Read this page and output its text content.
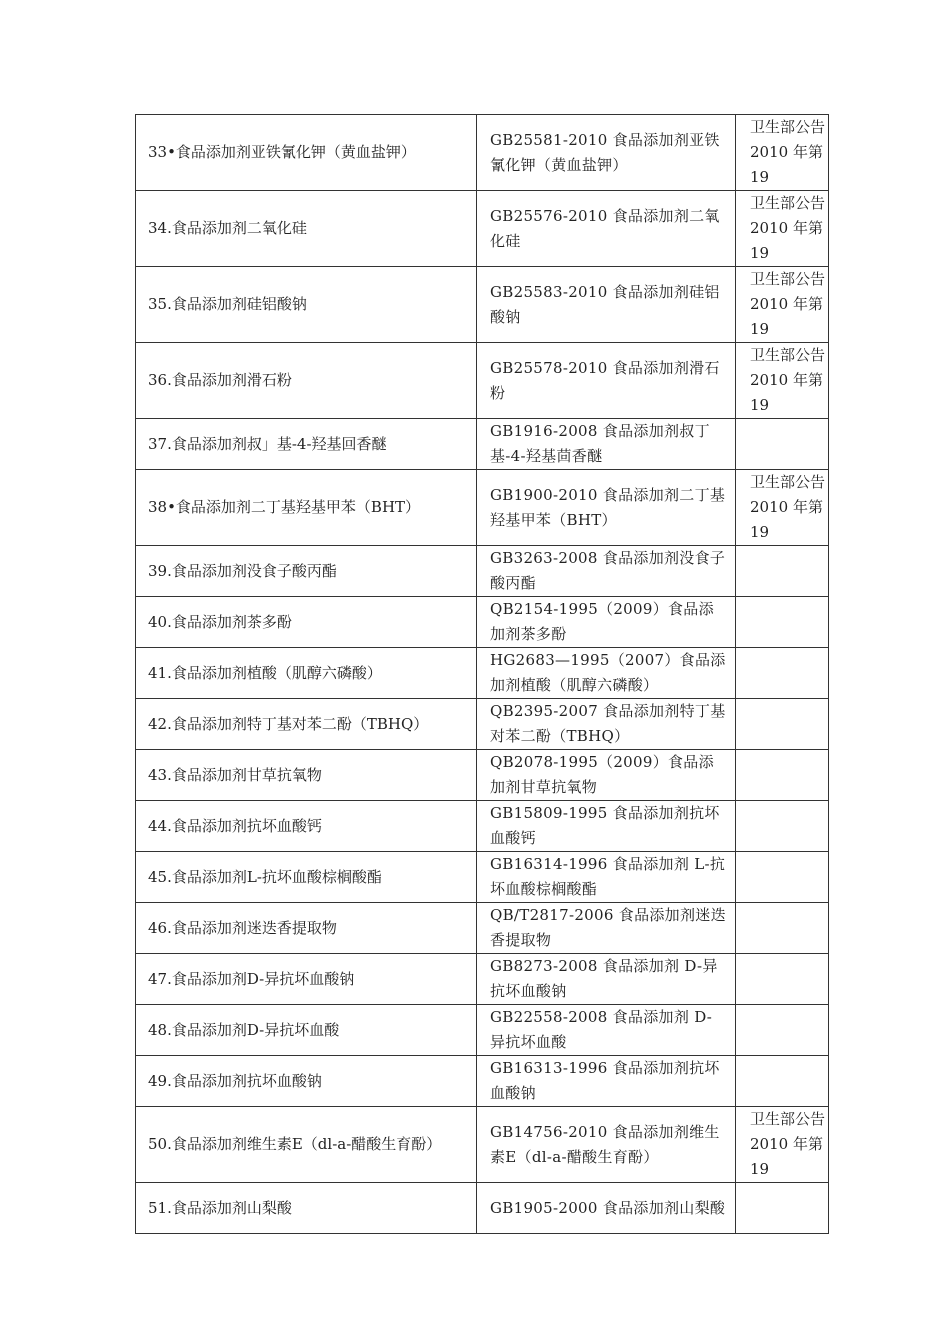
33•食品添加剂亚铁氰化钾（黄血盐钾）	GB25581-2010 食品添加剂亚铁氰化钾（黄血盐钾）	卫生部公告 2010 年第 19
34.食品添加剂二氧化硅	GB25576-2010 食品添加剂二氧化硅	卫生部公告 2010 年第 19
35.食品添加剂硅铝酸钠	GB25583-2010 食品添加剂硅铝酸钠	卫生部公告 2010 年第 19
36.食品添加剂滑石粉	GB25578-2010 食品添加剂滑石粉	卫生部公告 2010 年第 19
37.食品添加剂叔」基-4-羟基回香醚	GB1916-2008 食品添加剂叔丁基-4-羟基茴香醚	
38•食品添加剂二丁基羟基甲苯（BHT）	GB1900-2010 食品添加剂二丁基羟基甲苯（BHT）	卫生部公告 2010 年第 19
39.食品添加剂没食子酸丙酯	GB3263-2008 食品添加剂没食子酸丙酯	
40.食品添加剂茶多酚	QB2154-1995（2009）食品添加剂茶多酚	
41.食品添加剂植酸（肌醇六磷酸）	HG2683—1995（2007）食品添加剂植酸（肌醇六磷酸）	
42.食品添加剂特丁基对苯二酚（TBHQ）	QB2395-2007 食品添加剂特丁基对苯二酚（TBHQ）	
43.食品添加剂甘草抗氧物	QB2078-1995（2009）食品添加剂甘草抗氧物	
44.食品添加剂抗坏血酸钙	GB15809-1995 食品添加剂抗坏血酸钙	
45.食品添加剂L-抗坏血酸棕榈酸酯	GB16314-1996 食品添加剂 L-抗坏血酸棕榈酸酯	
46.食品添加剂迷迭香提取物	QB/T2817-2006 食品添加剂迷迭香提取物	
47.食品添加剂D-异抗坏血酸钠	GB8273-2008 食品添加剂 D-异抗坏血酸钠	
48.食品添加剂D-异抗坏血酸	GB22558-2008 食品添加剂 D-异抗坏血酸	
49.食品添加剂抗坏血酸钠	GB16313-1996 食品添加剂抗坏血酸钠	
50.食品添加剂维生素E（dl-a-醋酸生育酚）	GB14756-2010 食品添加剂维生素E（dl-a-醋酸生育酚）	卫生部公告 2010 年第 19
51.食品添加剂山梨酸	GB1905-2000 食品添加剂山梨酸	
